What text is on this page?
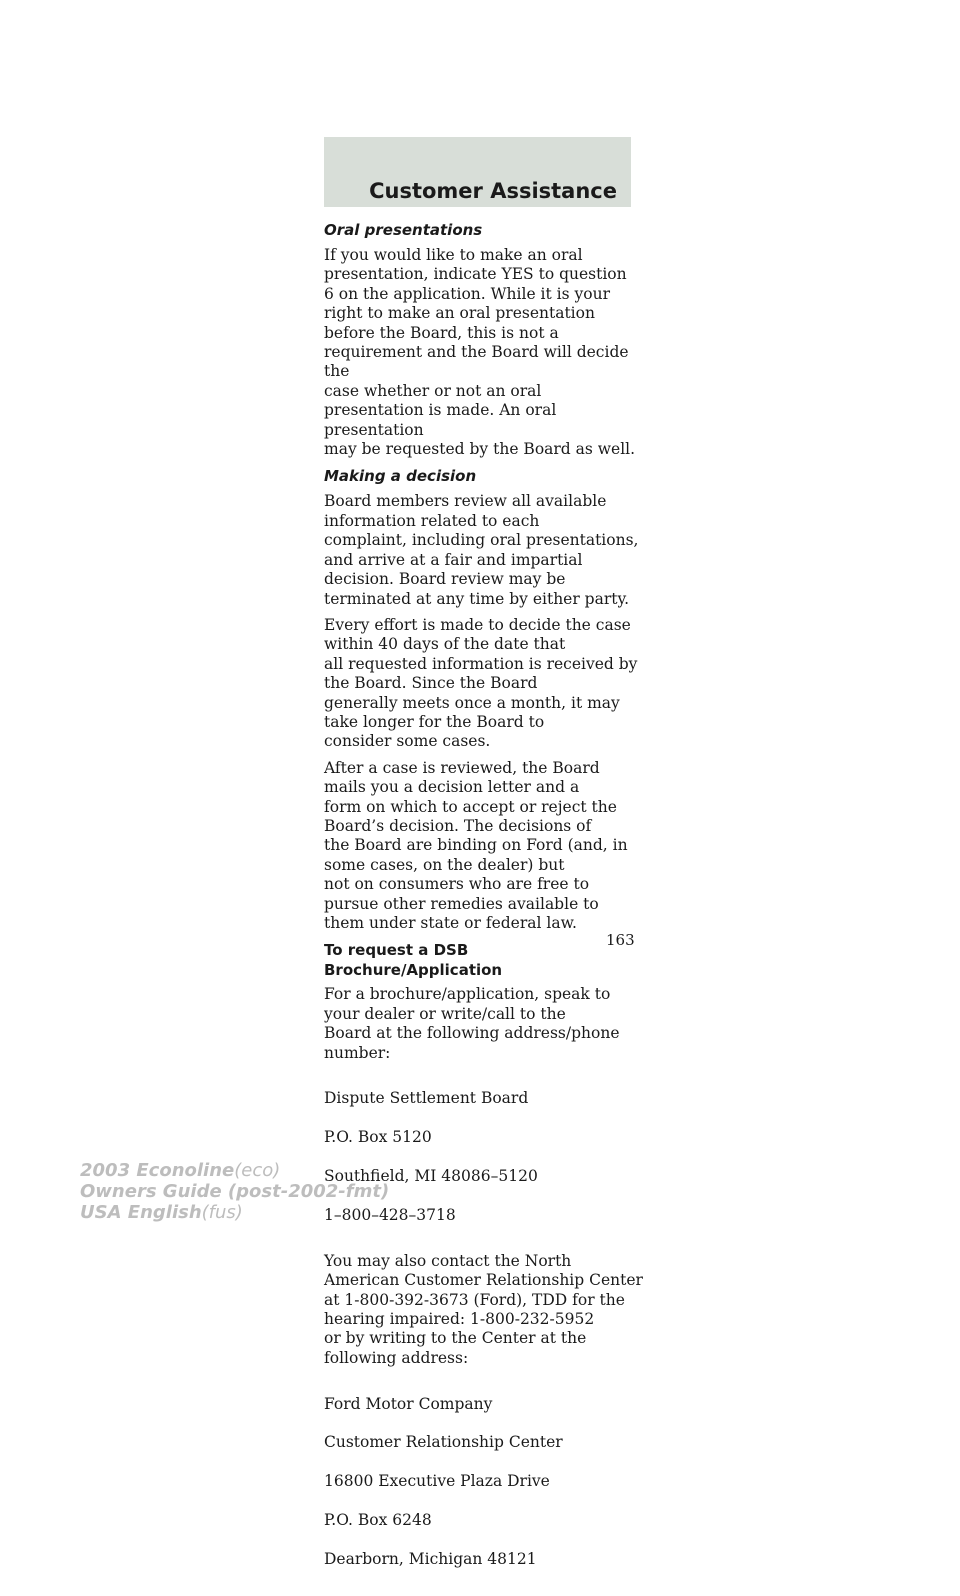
Customer Assistance
Oral presentations

If you would like to make an oral presentation, indicate YES to question
6 on the application. While it is your right to make an oral presentation
before the Board, this is not a requirement and the Board will decide the
case whether or not an oral presentation is made. An oral presentation
may be requested by the Board as well.

Making a decision

Board members review all available information related to each
complaint, including oral presentations, and arrive at a fair and impartial
decision. Board review may be terminated at any time by either party.

Every effort is made to decide the case within 40 days of the date that
all requested information is received by the Board. Since the Board
generally meets once a month, it may take longer for the Board to
consider some cases.

After a case is reviewed, the Board mails you a decision letter and a
form on which to accept or reject the Board’s decision. The decisions of
the Board are binding on Ford (and, in some cases, on the dealer) but
not on consumers who are free to pursue other remedies available to
them under state or federal law.

To request a DSB Brochure/Application

For a brochure/application, speak to your dealer or write/call to the
Board at the following address/phone number:

Dispute Settlement Board

P.O. Box 5120

Southfield, MI 48086–5120

1–800–428–3718

You may also contact the North American Customer Relationship Center
at 1-800-392-3673 (Ford), TDD for the hearing impaired: 1-800-232-5952
or by writing to the Center at the following address:

Ford Motor Company

Customer Relationship Center

16800 Executive Plaza Drive

P.O. Box 6248

Dearborn, Michigan 48121

163
2003 Econoline(eco)
Owners Guide (post-2002-fmt)
USA English(fus)
